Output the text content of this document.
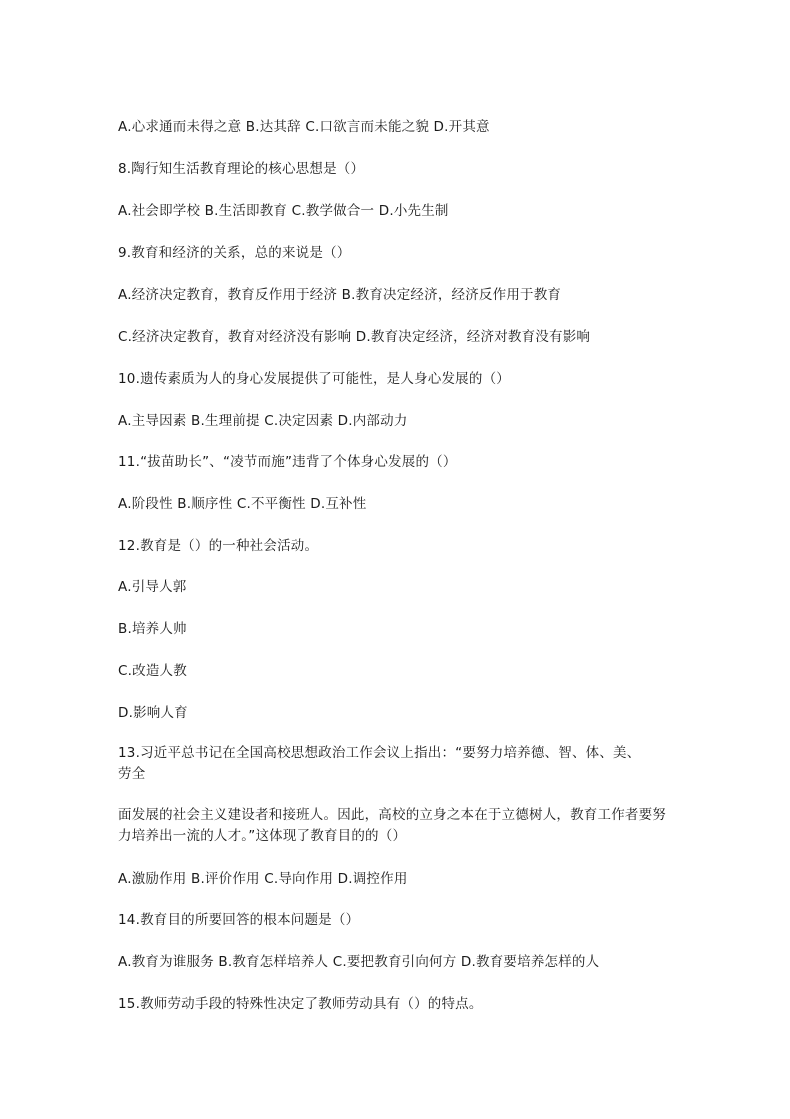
A.心求通而未得之意 B.达其辞 C.口欲言而未能之貌 D.开其意
8.陶行知生活教育理论的核心思想是（）
A.社会即学校 B.生活即教育 C.教学做合一 D.小先生制
9.教育和经济的关系，总的来说是（）
A.经济决定教育，教育反作用于经济 B.教育决定经济，经济反作用于教育
C.经济决定教育，教育对经济没有影响 D.教育决定经济，经济对教育没有影响
10.遗传素质为人的身心发展提供了可能性，是人身心发展的（）
A.主导因素 B.生理前提 C.决定因素 D.内部动力
11.“拔苗助长”、“凌节而施”违背了个体身心发展的（）
A.阶段性 B.顺序性 C.不平衡性 D.互补性
12.教育是（）的一种社会活动。
A.引导人郭
B.培养人帅
C.改造人教
D.影响人育
13.习近平总书记在全国高校思想政治工作会议上指出：“要努力培养德、智、体、美、劳全
面发展的社会主义建设者和接班人。因此，高校的立身之本在于立德树人，教育工作者要努力培养出一流的人才。”这体现了教育目的的（）
A.激励作用 B.评价作用 C.导向作用 D.调控作用
14.教育目的所要回答的根本问题是（）
A.教育为谁服务 B.教育怎样培养人 C.要把教育引向何方 D.教育要培养怎样的人
15.教师劳动手段的特殊性决定了教师劳动具有（）的特点。
